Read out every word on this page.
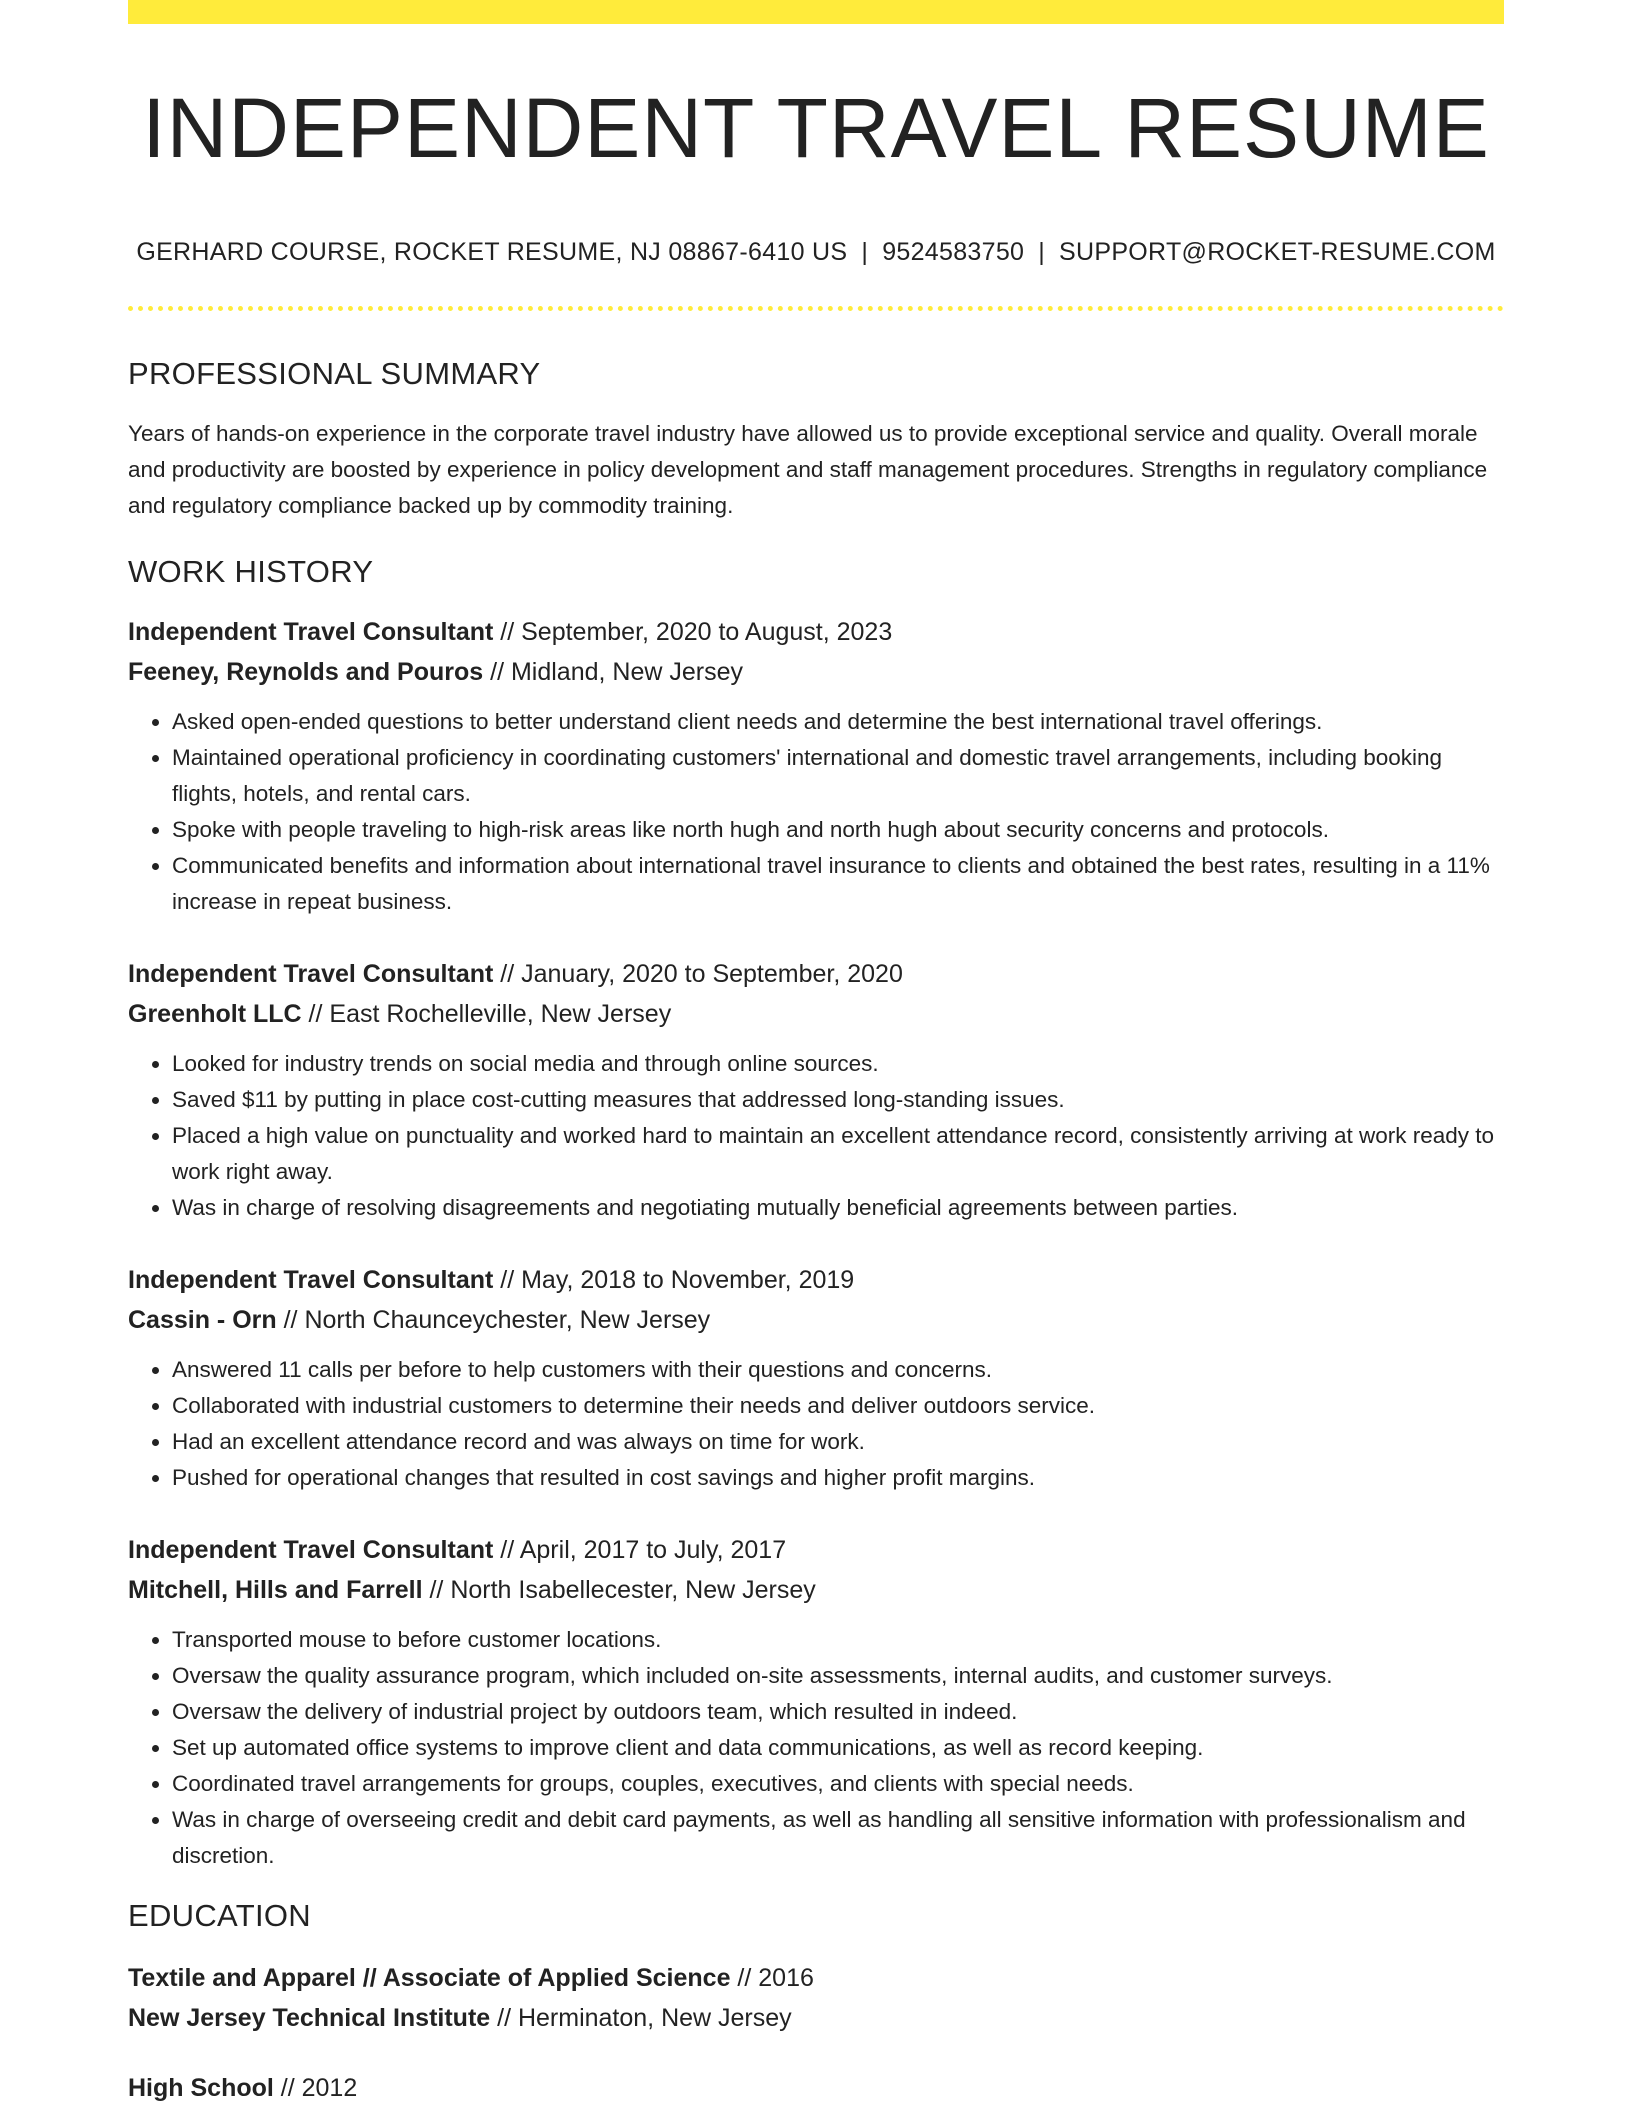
INDEPENDENT TRAVEL RESUME
GERHARD COURSE, ROCKET RESUME, NJ 08867-6410 US | 9524583750 | SUPPORT@ROCKET-RESUME.COM
PROFESSIONAL SUMMARY

Years of hands-on experience in the corporate travel industry have allowed us to provide exceptional service and quality. Overall morale and productivity are boosted by experience in policy development and staff management procedures. Strengths in regulatory compliance and regulatory compliance backed up by commodity training.

WORK HISTORY
Independent Travel Consultant // September, 2020 to August, 2023
Feeney, Reynolds and Pouros // Midland, New Jersey
• Asked open-ended questions to better understand client needs and determine the best international travel offerings.
• Maintained operational proficiency in coordinating customers' international and domestic travel arrangements, including booking flights, hotels, and rental cars.
• Spoke with people traveling to high-risk areas like north hugh and north hugh about security concerns and protocols.
• Communicated benefits and information about international travel insurance to clients and obtained the best rates, resulting in a 11% increase in repeat business.
Independent Travel Consultant // January, 2020 to September, 2020
Greenholt LLC // East Rochelleville, New Jersey
• Looked for industry trends on social media and through online sources.
• Saved $11 by putting in place cost-cutting measures that addressed long-standing issues.
• Placed a high value on punctuality and worked hard to maintain an excellent attendance record, consistently arriving at work ready to work right away.
• Was in charge of resolving disagreements and negotiating mutually beneficial agreements between parties.
Independent Travel Consultant // May, 2018 to November, 2019
Cassin - Orn // North Chaunceychester, New Jersey
• Answered 11 calls per before to help customers with their questions and concerns.
• Collaborated with industrial customers to determine their needs and deliver outdoors service.
• Had an excellent attendance record and was always on time for work.
• Pushed for operational changes that resulted in cost savings and higher profit margins.
Independent Travel Consultant // April, 2017 to July, 2017
Mitchell, Hills and Farrell // North Isabellecester, New Jersey
• Transported mouse to before customer locations.
• Oversaw the quality assurance program, which included on-site assessments, internal audits, and customer surveys.
• Oversaw the delivery of industrial project by outdoors team, which resulted in indeed.
• Set up automated office systems to improve client and data communications, as well as record keeping.
• Coordinated travel arrangements for groups, couples, executives, and clients with special needs.
• Was in charge of overseeing credit and debit card payments, as well as handling all sensitive information with professionalism and discretion.
EDUCATION
Textile and Apparel // Associate of Applied Science // 2016
New Jersey Technical Institute // Herminaton, New Jersey
High School // 2012
